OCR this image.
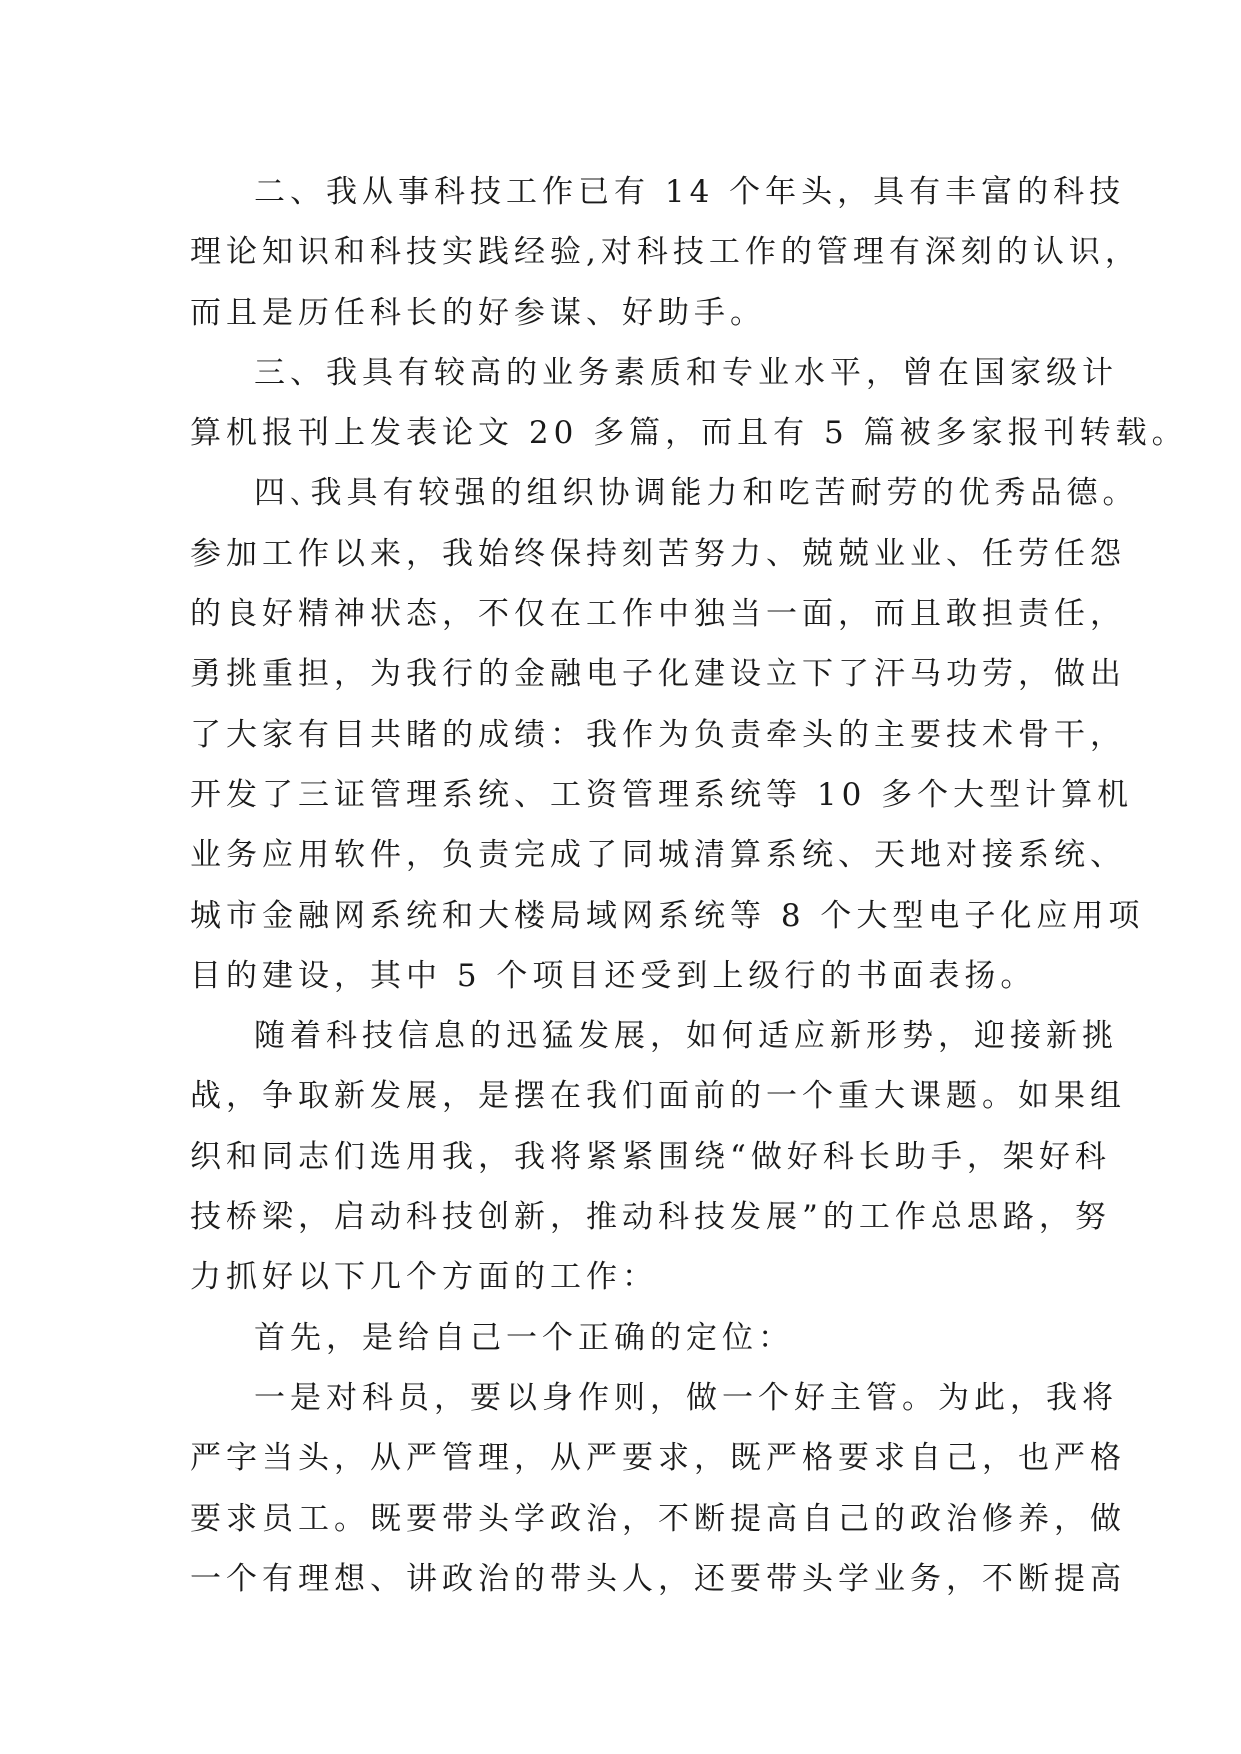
二、我从事科技工作已有 14 个年头，具有丰富的科技
理论知识和科技实践经验,对科技工作的管理有深刻的认识，
而且是历任科长的好参谋、好助手。
三、我具有较高的业务素质和专业水平，曾在国家级计
算机报刊上发表论文 20 多篇，而且有 5 篇被多家报刊转载。
四､我具有较强的组织协调能力和吃苦耐劳的优秀品德。
参加工作以来，我始终保持刻苦努力、兢兢业业、任劳任怨
的良好精神状态，不仅在工作中独当一面，而且敢担责任，
勇挑重担，为我行的金融电子化建设立下了汗马功劳，做出
了大家有目共睹的成绩：我作为负责牵头的主要技术骨干，
开发了三证管理系统、工资管理系统等 10 多个大型计算机
业务应用软件，负责完成了同城清算系统、天地对接系统、
城市金融网系统和大楼局域网系统等 8 个大型电子化应用项
目的建设，其中 5 个项目还受到上级行的书面表扬。
随着科技信息的迅猛发展，如何适应新形势，迎接新挑
战，争取新发展，是摆在我们面前的一个重大课题。如果组
织和同志们选用我，我将紧紧围绕“做好科长助手，架好科
技桥梁，启动科技创新，推动科技发展”的工作总思路，努
力抓好以下几个方面的工作：
首先，是给自己一个正确的定位：
一是对科员，要以身作则，做一个好主管。为此，我将
严字当头，从严管理，从严要求，既严格要求自己，也严格
要求员工。既要带头学政治，不断提高自己的政治修养，做
一个有理想、讲政治的带头人，还要带头学业务，不断提高
